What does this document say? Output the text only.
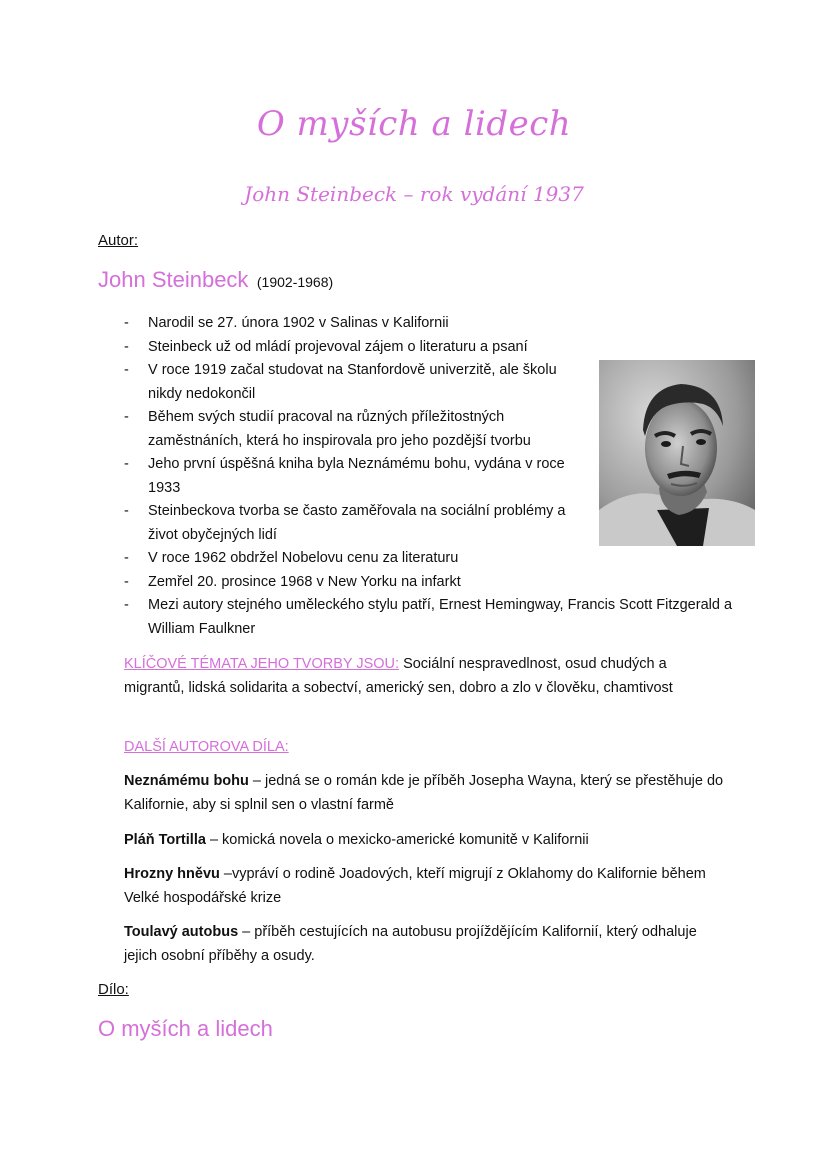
O myších a lidech
John Steinbeck – rok vydání 1937
Autor:
John Steinbeck (1902-1968)
- Narodil se 27. února 1902 v Salinas v Kalifornii
- Steinbeck už od mládí projevoval zájem o literaturu a psaní
- V roce 1919 začal studovat na Stanfordově univerzitě, ale školu nikdy nedokončil
- Během svých studií pracoval na různých příležitostných zaměstnáních, která ho inspirovala pro jeho pozdější tvorbu
- Jeho první úspěšná kniha byla Neznámému bohu, vydána v roce 1933
- Steinbeckova tvorba se často zaměřovala na sociální problémy a život obyčejných lidí
- V roce 1962 obdržel Nobelovu cenu za literaturu
- Zemřel 20. prosince 1968 v New Yorku na infarkt
- Mezi autory stejného uměleckého stylu patří, Ernest Hemingway, Francis Scott Fitzgerald a William Faulkner

KLÍČOVÉ TÉMATA JEHO TVORBY JSOU: Sociální nespravedlnost, osud chudých a migrantů, lidská solidarita a sobectví, americký sen, dobro a zlo v člověku, chamtivost

DALŠÍ AUTOROVA DÍLA:

Neznámému bohu – jedná se o román kde je příběh Josepha Wayna, který se přestěhuje do Kalifornie, aby si splnil sen o vlastní farmě

Pláň Tortilla – komická novela o mexicko-americké komunitě v Kalifornii

Hrozny hněvu –vypráví o rodině Joadových, kteří migrují z Oklahomy do Kalifornie během Velké hospodářské krize

Toulavý autobus – příběh cestujících na autobusu projíždějícím Kalifornií, který odhaluje jejich osobní příběhy a osudy.

Dílo:
O myších a lidech
